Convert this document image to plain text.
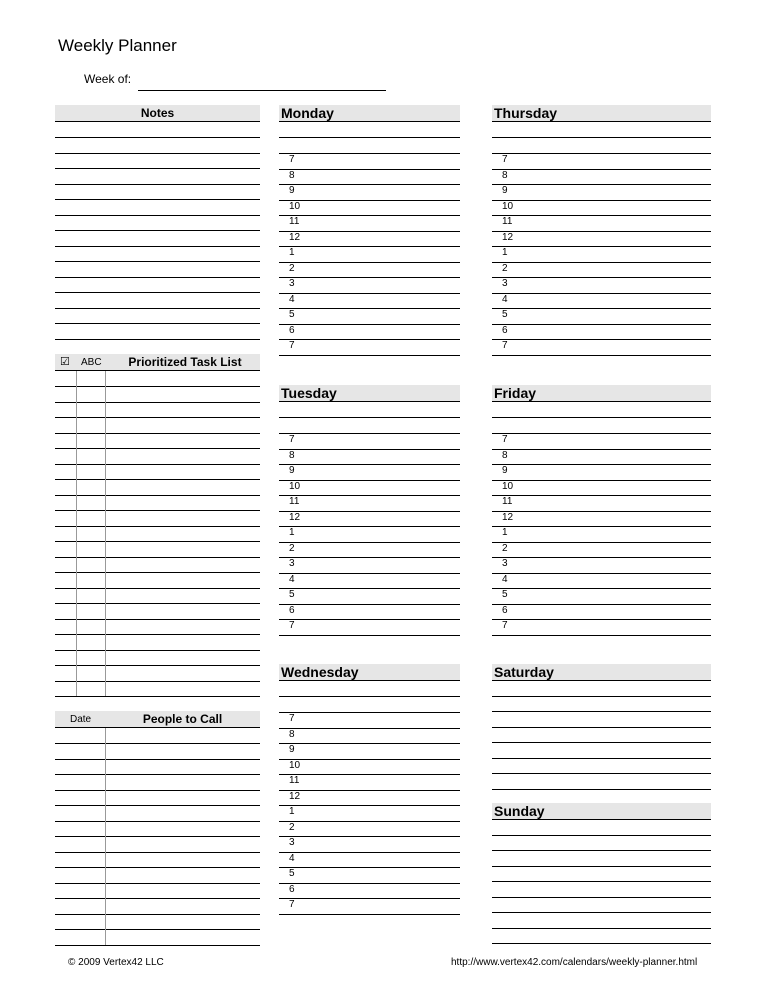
Weekly Planner
Week of:
Notes
☑ ABC	Prioritized Task List
Date	People to Call
Monday
7
8
9
10
11
12
1
2
3
4
5
6
7
Tuesday
7
8
9
10
11
12
1
2
3
4
5
6
7
Wednesday
7
8
9
10
11
12
1
2
3
4
5
6
7
Thursday
7
8
9
10
11
12
1
2
3
4
5
6
7
Friday
7
8
9
10
11
12
1
2
3
4
5
6
7
Saturday
Sunday
© 2009 Vertex42 LLC	http://www.vertex42.com/calendars/weekly-planner.html
